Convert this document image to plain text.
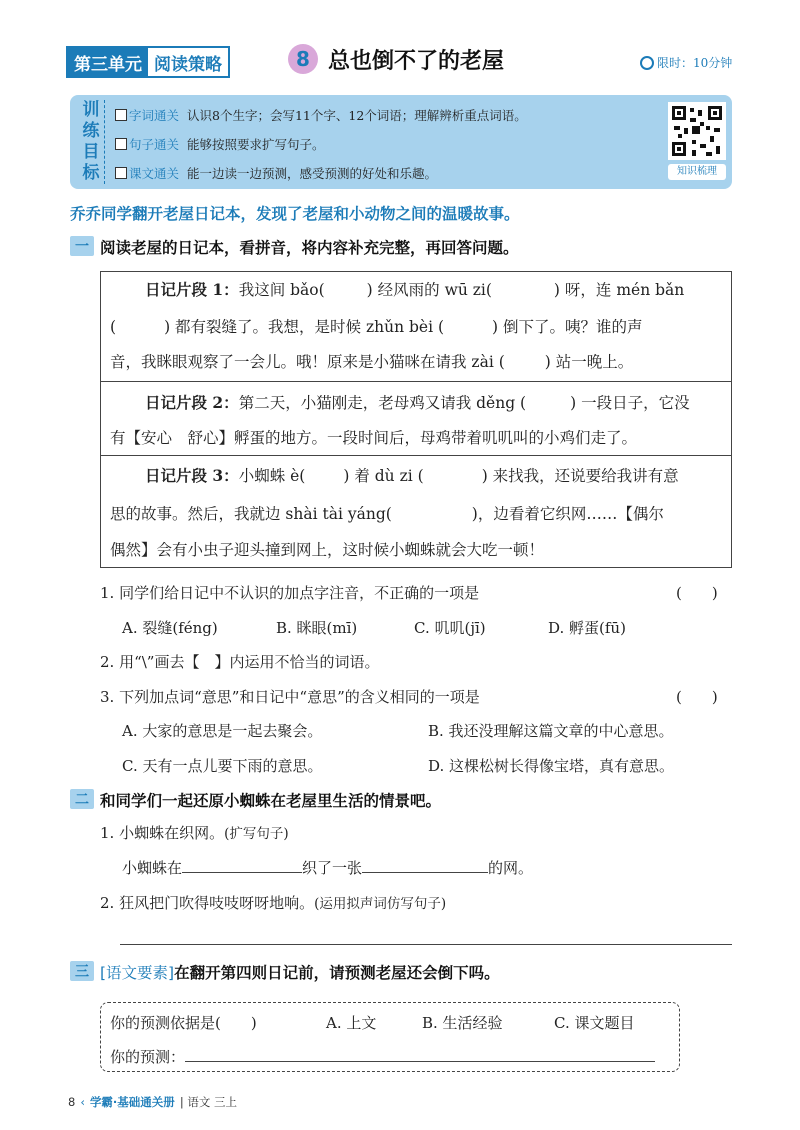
第三单元 阅读策略	8 总也倒不了的老屋	限时：10分钟
训
练
目
标
字词通关 认识8个生字；会写11个字、12个词语；理解辨析重点词语。
句子通关 能够按照要求扩写句子。
课文通关 能一边读一边预测，感受预测的好处和乐趣。	知识梳理
乔乔同学翻开老屋日记本，发现了老屋和小动物之间的温暖故事。
一 阅读老屋的日记本，看拼音，将内容补充完整，再回答问题。
日记片段 1：我这间 bǎo(	) 经风雨的 wū zi(	) 呀，连 mén bǎn
(	) 都有裂缝了。我想，是时候 zhǔn bèi (	) 倒下了。咦？谁的声
音，我眯眼观察了一会儿。哦！原来是小猫咪在请我 zài (	) 站一晚上。
日记片段 2：第二天，小猫刚走，老母鸡又请我 děng (	) 一段日子，它没
有【安心　舒心】孵蛋的地方。一段时间后，母鸡带着叽叽叫的小鸡们走了。
日记片段 3：小蜘蛛 è( ) 着 dù zi (	) 来找我，还说要给我讲有意
思的故事。然后，我就边 shài tài yáng(	)，边看着它织网……【偶尔
偶然】会有小虫子迎头撞到网上，这时候小蜘蛛就会大吃一顿！
1. 同学们给日记中不认识的加点字注音，不正确的一项是	(　　)
A. 裂缝(féng)	B. 眯眼(mī)	C. 叽叽(jī)	D. 孵蛋(fū)
2. 用“\”画去【　】内运用不恰当的词语。
3. 下列加点词“意思”和日记中“意思”的含义相同的一项是	(　　)
A. 大家的意思是一起去聚会。	B. 我还没理解这篇文章的中心意思。
C. 天有一点儿要下雨的意思。	D. 这棵松树长得像宝塔，真有意思。
二 和同学们一起还原小蜘蛛在老屋里生活的情景吧。
1. 小蜘蛛在织网。(扩写句子)
小蜘蛛在	织了一张	的网。
2. 狂风把门吹得吱吱呀呀地响。(运用拟声词仿写句子)
三 [语文要素]在翻开第四则日记前，请预测老屋还会倒下吗。
你的预测依据是(　　)	A. 上文	B. 生活经验	C. 课文题目
你的预测：
8 ‹ 学霸·基础通关册 | 语文 三上
